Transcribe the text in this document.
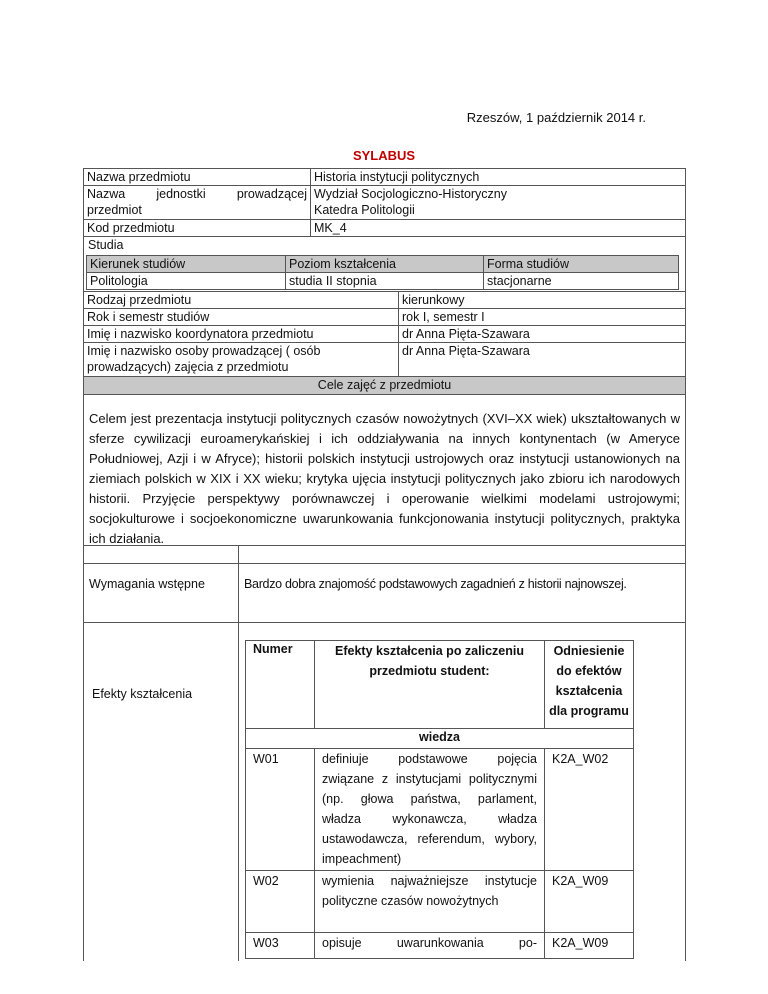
Rzeszów, 1 październik 2014 r.
SYLABUS
Nazwa przedmiotu	Historia instytucji politycznych
Nazwa jednostki prowadzącej przedmiot	Wydział Socjologiczno-Historyczny
Katedra Politologii

Kod przedmiotu	MK_4
Studia
Kierunek studiów	Poziom kształcenia	Forma studiów
Politologia	studia II stopnia	stacjonarne
Rodzaj przedmiotu	kierunkowy
Rok i semestr studiów	rok I, semestr I
Imię i nazwisko koordynatora przedmiotu	dr Anna Pięta-Szawara
Imię i nazwisko osoby prowadzącej ( osób prowadzących) zajęcia z przedmiotu	dr Anna Pięta-Szawara
Cele zajęć z przedmiotu	
Celem jest prezentacja instytucji politycznych czasów nowożytnych (XVI–XX wiek) ukształtowanych w sferze cywilizacji euroamerykańskiej i ich oddziaływania na innych kontynentach (w Ameryce Południowej, Azji i w Afryce); historii polskich instytucji ustrojowych oraz instytucji ustanowionych na ziemiach polskich w XIX i XX wieku; krytyka ujęcia instytucji politycznych jako zbioru ich narodowych historii. Przyjęcie perspektywy porównawczej i operowanie wielkimi modelami ustrojowymi; socjokulturowe i socjoekonomiczne uwarunkowania funkcjonowania instytucji politycznych, praktyka ich działania.	
Wymagania wstępne	Bardzo dobra znajomość podstawowych zagadnień z historii najnowszej.
Efekty kształcenia	
Numer	Efekty kształcenia po zaliczeniu przedmiotu student:	Odniesienie do efektów kształcenia dla programu
wiedza		
W01	definiuje podstawowe pojęcia związane z instytucjami politycznymi (np. głowa państwa, parlament, władza wykonawcza, władza ustawodawcza, referendum, wybory, impeachment)	K2A_W02
W02	wymienia najważniejsze instytucje polityczne czasów nowożytnych	K2A_W09
W03	opisuje uwarunkowania po-	K2A_W09
